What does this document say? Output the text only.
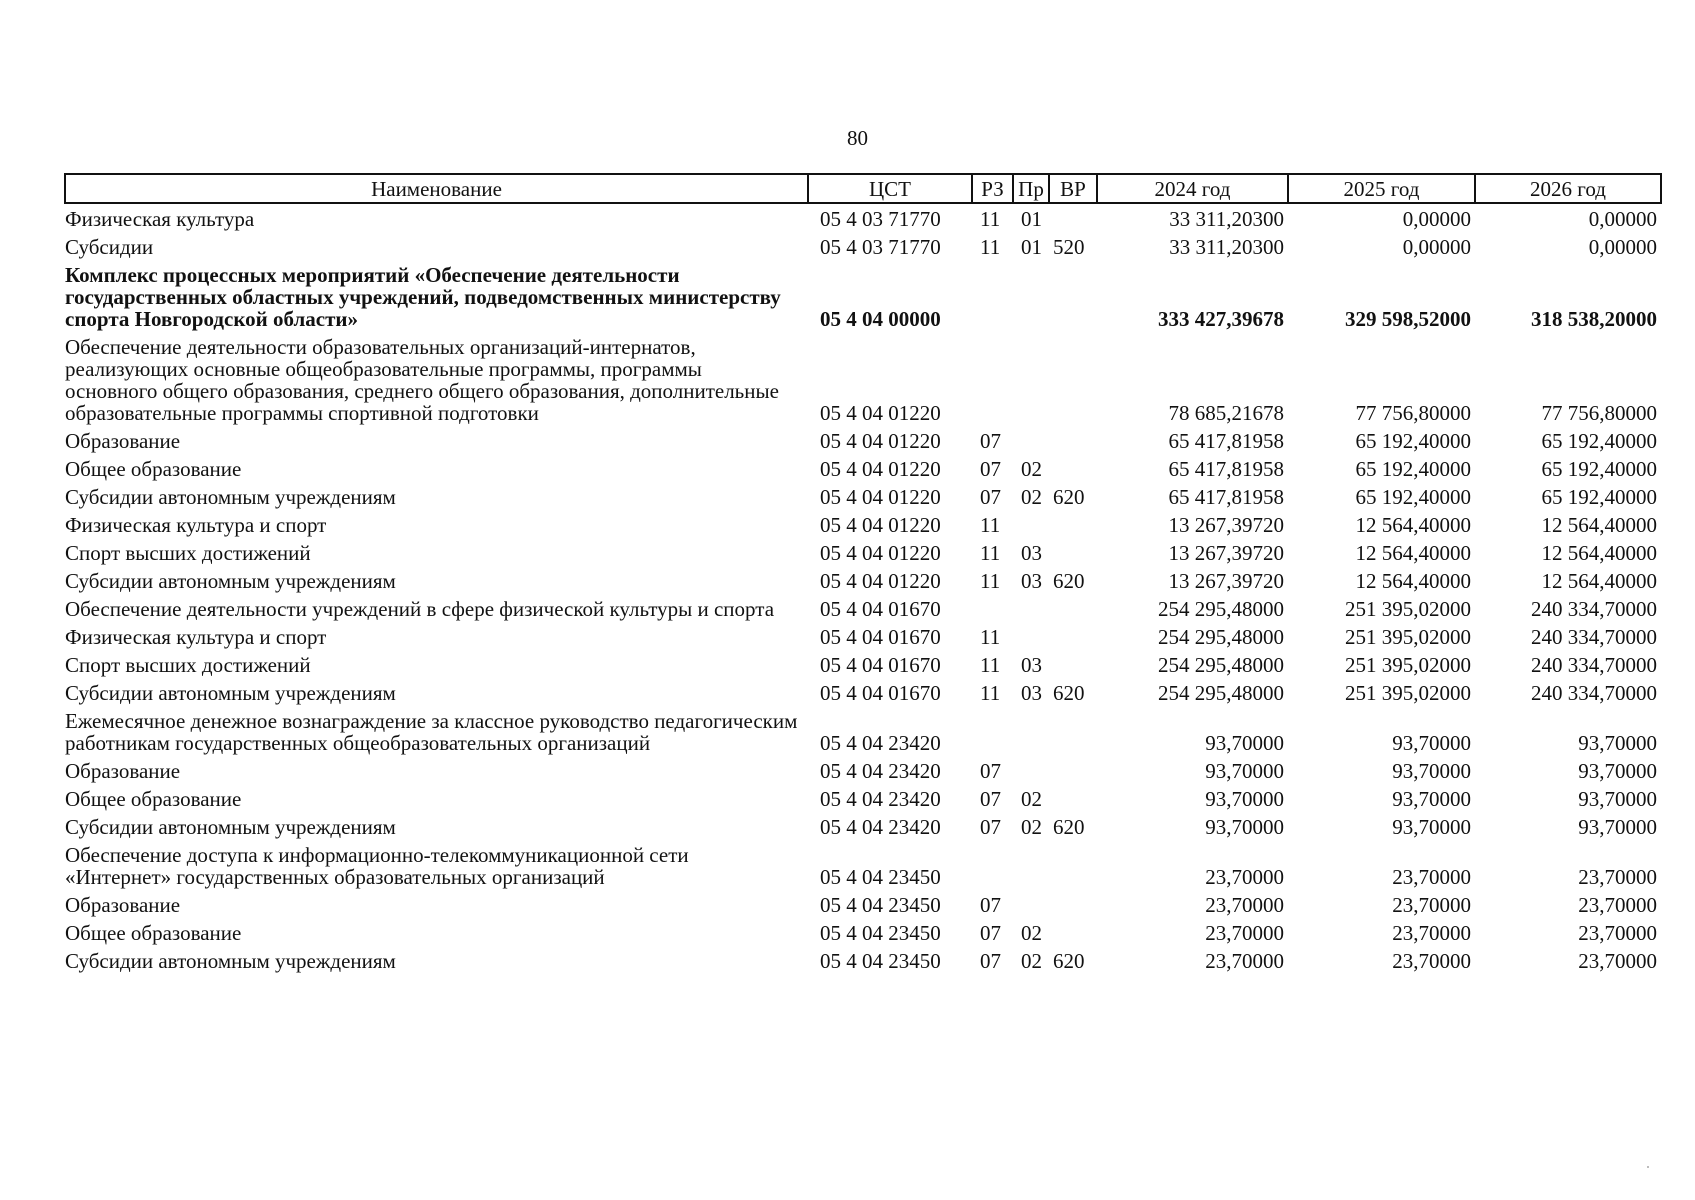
80
Наименование	ЦСТ	РЗ	Пр	ВР	2024 год	2025 год	2026 год
Физическая культура	05 4 03 71770	11	01		33 311,20300	0,00000	0,00000
Субсидии	05 4 03 71770	11	01	520	33 311,20300	0,00000	0,00000
Комплекс процессных мероприятий «Обеспечение деятельности государственных областных учреждений, подведомственных министерству спорта Новгородской области»	05 4 04 00000				333 427,39678	329 598,52000	318 538,20000
Обеспечение деятельности образовательных организаций-интернатов, реализующих основные общеобразовательные программы, программы основного общего образования, среднего общего образования, дополнительные образовательные программы спортивной подготовки	05 4 04 01220				78 685,21678	77 756,80000	77 756,80000
Образование	05 4 04 01220	07			65 417,81958	65 192,40000	65 192,40000
Общее образование	05 4 04 01220	07	02		65 417,81958	65 192,40000	65 192,40000
Субсидии автономным учреждениям	05 4 04 01220	07	02	620	65 417,81958	65 192,40000	65 192,40000
Физическая культура и спорт	05 4 04 01220	11			13 267,39720	12 564,40000	12 564,40000
Спорт высших достижений	05 4 04 01220	11	03		13 267,39720	12 564,40000	12 564,40000
Субсидии автономным учреждениям	05 4 04 01220	11	03	620	13 267,39720	12 564,40000	12 564,40000
Обеспечение деятельности учреждений в сфере физической культуры и спорта	05 4 04 01670				254 295,48000	251 395,02000	240 334,70000
Физическая культура и спорт	05 4 04 01670	11			254 295,48000	251 395,02000	240 334,70000
Спорт высших достижений	05 4 04 01670	11	03		254 295,48000	251 395,02000	240 334,70000
Субсидии автономным учреждениям	05 4 04 01670	11	03	620	254 295,48000	251 395,02000	240 334,70000
Ежемесячное денежное вознаграждение за классное руководство педагогическим работникам государственных общеобразовательных организаций	05 4 04 23420				93,70000	93,70000	93,70000
Образование	05 4 04 23420	07			93,70000	93,70000	93,70000
Общее образование	05 4 04 23420	07	02		93,70000	93,70000	93,70000
Субсидии автономным учреждениям	05 4 04 23420	07	02	620	93,70000	93,70000	93,70000
Обеспечение доступа к информационно-телекоммуникационной сети «Интернет» государственных образовательных организаций	05 4 04 23450				23,70000	23,70000	23,70000
Образование	05 4 04 23450	07			23,70000	23,70000	23,70000
Общее образование	05 4 04 23450	07	02		23,70000	23,70000	23,70000
Субсидии автономным учреждениям	05 4 04 23450	07	02	620	23,70000	23,70000	23,70000
